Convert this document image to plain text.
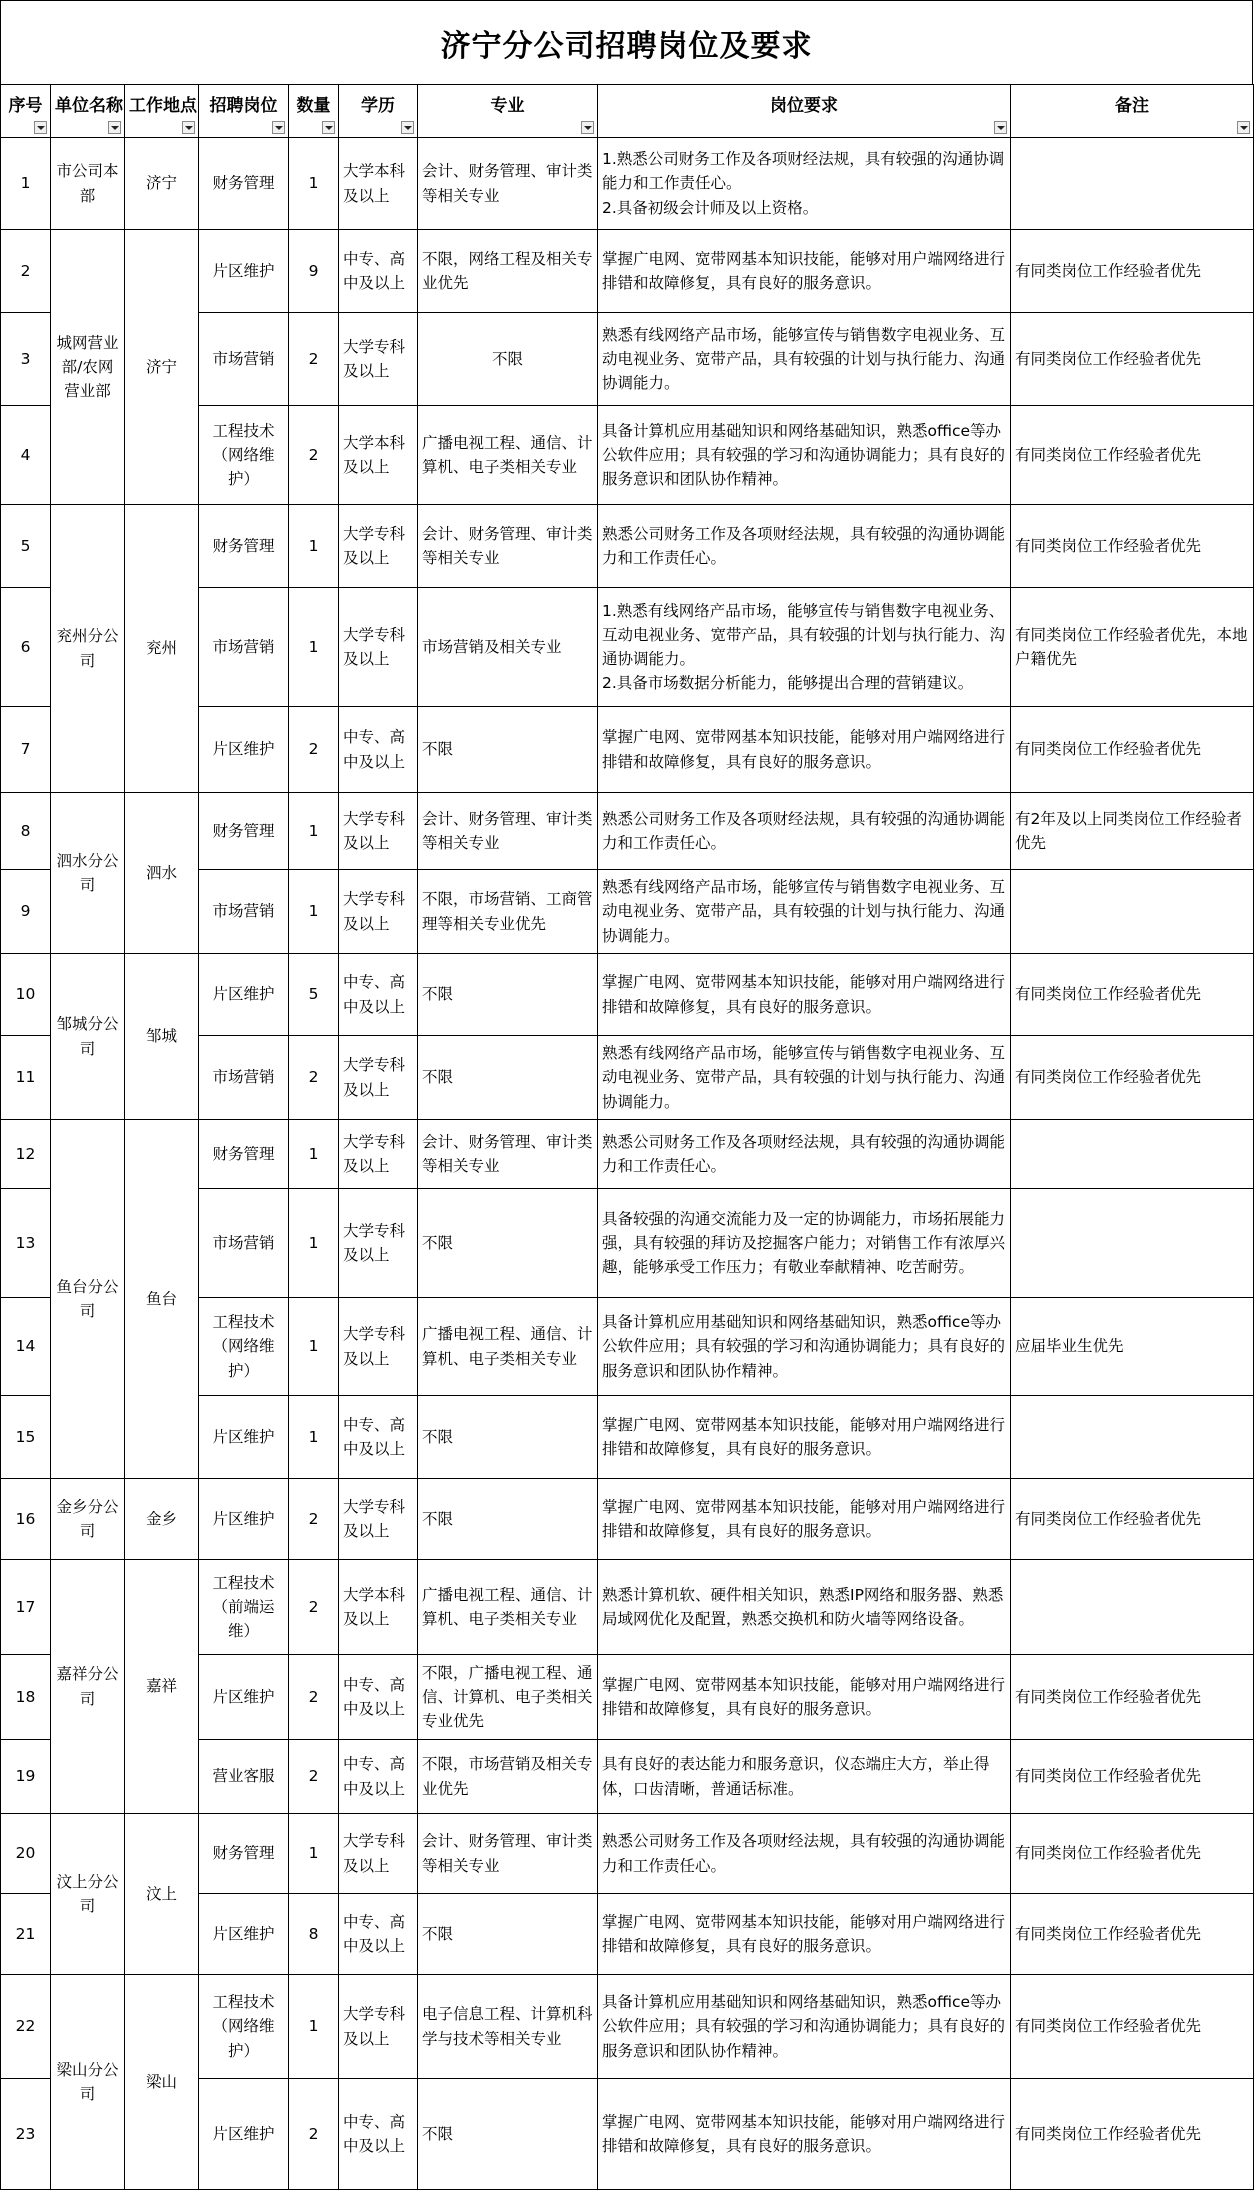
济宁分公司招聘岗位及要求
序号	单位名称	工作地点	招聘岗位	数量	学历	专业	岗位要求	备注

1	市公司本部	济宁	财务管理	1	大学本科及以上	会计、财务管理、审计类等相关专业	1.熟悉公司财务工作及各项财经法规，具有较强的沟通协调能力和工作责任心。
2.具备初级会计师及以上资格。	
2	城网营业部/农网营业部	济宁	片区维护	9	中专、高中及以上	不限，网络工程及相关专业优先	掌握广电网、宽带网基本知识技能，能够对用户端网络进行排错和故障修复，具有良好的服务意识。	有同类岗位工作经验者优先
3			市场营销	2	大学专科及以上	不限	熟悉有线网络产品市场，能够宣传与销售数字电视业务、互动电视业务、宽带产品，具有较强的计划与执行能力、沟通协调能力。	有同类岗位工作经验者优先
4			工程技术（网络维护）	2	大学本科及以上	广播电视工程、通信、计算机、电子类相关专业	具备计算机应用基础知识和网络基础知识，熟悉office等办公软件应用；具有较强的学习和沟通协调能力；具有良好的服务意识和团队协作精神。	有同类岗位工作经验者优先
5	兖州分公司	兖州	财务管理	1	大学专科及以上	会计、财务管理、审计类等相关专业	熟悉公司财务工作及各项财经法规，具有较强的沟通协调能力和工作责任心。	有同类岗位工作经验者优先
6			市场营销	1	大学专科及以上	市场营销及相关专业	1.熟悉有线网络产品市场，能够宣传与销售数字电视业务、互动电视业务、宽带产品，具有较强的计划与执行能力、沟通协调能力。
2.具备市场数据分析能力，能够提出合理的营销建议。	有同类岗位工作经验者优先，本地户籍优先
7			片区维护	2	中专、高中及以上	不限	掌握广电网、宽带网基本知识技能，能够对用户端网络进行排错和故障修复，具有良好的服务意识。	有同类岗位工作经验者优先
8	泗水分公司	泗水	财务管理	1	大学专科及以上	会计、财务管理、审计类等相关专业	熟悉公司财务工作及各项财经法规，具有较强的沟通协调能力和工作责任心。	有2年及以上同类岗位工作经验者优先
9			市场营销	1	大学专科及以上	不限，市场营销、工商管理等相关专业优先	熟悉有线网络产品市场，能够宣传与销售数字电视业务、互动电视业务、宽带产品，具有较强的计划与执行能力、沟通协调能力。	
10	邹城分公司	邹城	片区维护	5	中专、高中及以上	不限	掌握广电网、宽带网基本知识技能，能够对用户端网络进行排错和故障修复，具有良好的服务意识。	有同类岗位工作经验者优先
11			市场营销	2	大学专科及以上	不限	熟悉有线网络产品市场，能够宣传与销售数字电视业务、互动电视业务、宽带产品，具有较强的计划与执行能力、沟通协调能力。	有同类岗位工作经验者优先
12	鱼台分公司	鱼台	财务管理	1	大学专科及以上	会计、财务管理、审计类等相关专业	熟悉公司财务工作及各项财经法规，具有较强的沟通协调能力和工作责任心。	
13			市场营销	1	大学专科及以上	不限	具备较强的沟通交流能力及一定的协调能力，市场拓展能力强，具有较强的拜访及挖掘客户能力；对销售工作有浓厚兴趣，能够承受工作压力；有敬业奉献精神、吃苦耐劳。	
14			工程技术（网络维护）	1	大学专科及以上	广播电视工程、通信、计算机、电子类相关专业	具备计算机应用基础知识和网络基础知识，熟悉office等办公软件应用；具有较强的学习和沟通协调能力；具有良好的服务意识和团队协作精神。	应届毕业生优先
15			片区维护	1	中专、高中及以上	不限	掌握广电网、宽带网基本知识技能，能够对用户端网络进行排错和故障修复，具有良好的服务意识。	
16	金乡分公司	金乡	片区维护	2	大学专科及以上	不限	掌握广电网、宽带网基本知识技能，能够对用户端网络进行排错和故障修复，具有良好的服务意识。	有同类岗位工作经验者优先
17	嘉祥分公司	嘉祥	工程技术（前端运维）	2	大学本科及以上	广播电视工程、通信、计算机、电子类相关专业	熟悉计算机软、硬件相关知识，熟悉IP网络和服务器、熟悉局域网优化及配置，熟悉交换机和防火墙等网络设备。	
18			片区维护	2	中专、高中及以上	不限，广播电视工程、通信、计算机、电子类相关专业优先	掌握广电网、宽带网基本知识技能，能够对用户端网络进行排错和故障修复，具有良好的服务意识。	有同类岗位工作经验者优先
19			营业客服	2	中专、高中及以上	不限，市场营销及相关专业优先	具有良好的表达能力和服务意识，仪态端庄大方，举止得体，口齿清晰，普通话标准。	有同类岗位工作经验者优先
20	汶上分公司	汶上	财务管理	1	大学专科及以上	会计、财务管理、审计类等相关专业	熟悉公司财务工作及各项财经法规，具有较强的沟通协调能力和工作责任心。	有同类岗位工作经验者优先
21			片区维护	8	中专、高中及以上	不限	掌握广电网、宽带网基本知识技能，能够对用户端网络进行排错和故障修复，具有良好的服务意识。	有同类岗位工作经验者优先
22	梁山分公司	梁山	工程技术（网络维护）	1	大学专科及以上	电子信息工程、计算机科学与技术等相关专业	具备计算机应用基础知识和网络基础知识，熟悉office等办公软件应用；具有较强的学习和沟通协调能力；具有良好的服务意识和团队协作精神。	有同类岗位工作经验者优先
23			片区维护	2	中专、高中及以上	不限	掌握广电网、宽带网基本知识技能，能够对用户端网络进行排错和故障修复，具有良好的服务意识。	有同类岗位工作经验者优先
